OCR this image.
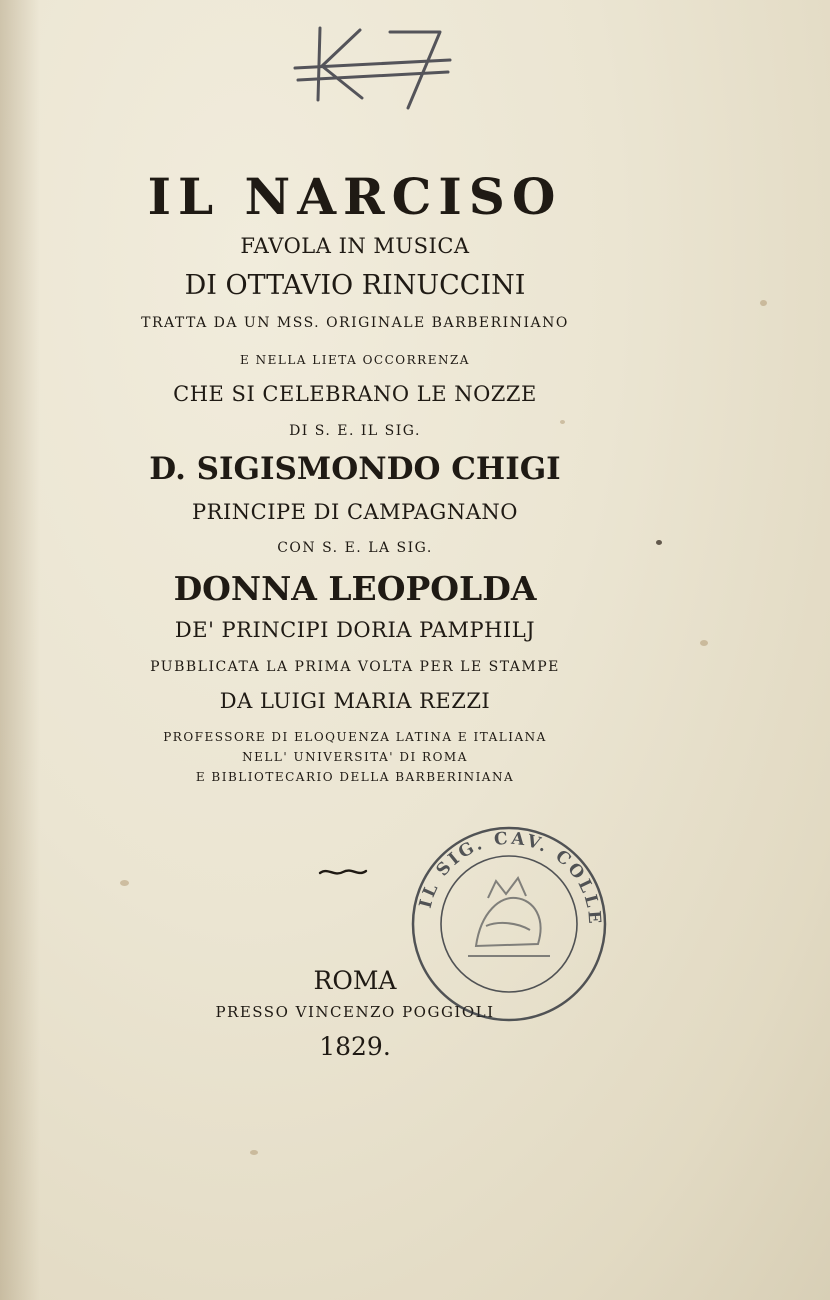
IL NARCISO

FAVOLA IN MUSICA

DI OTTAVIO RINUCCINI

TRATTA DA UN MSS. ORIGINALE BARBERINIANO

E NELLA LIETA OCCORRENZA

CHE SI CELEBRANO LE NOZZE

DI S. E. IL SIG.

D. SIGISMONDO CHIGI

PRINCIPE DI CAMPAGNANO

CON S. E. LA SIG.

DONNA LEOPOLDA

DE' PRINCIPI DORIA PAMPHILJ

PUBBLICATA LA PRIMA VOLTA PER LE STAMPE

DA LUIGI MARIA REZZI

PROFESSORE DI ELOQUENZA LATINA E ITALIANA

NELL' UNIVERSITA' DI ROMA

E BIBLIOTECARIO DELLA BARBERINIANA

ROMA

PRESSO VINCENZO POGGIOLI

1829.

IL SIG. CAV. COLLE
